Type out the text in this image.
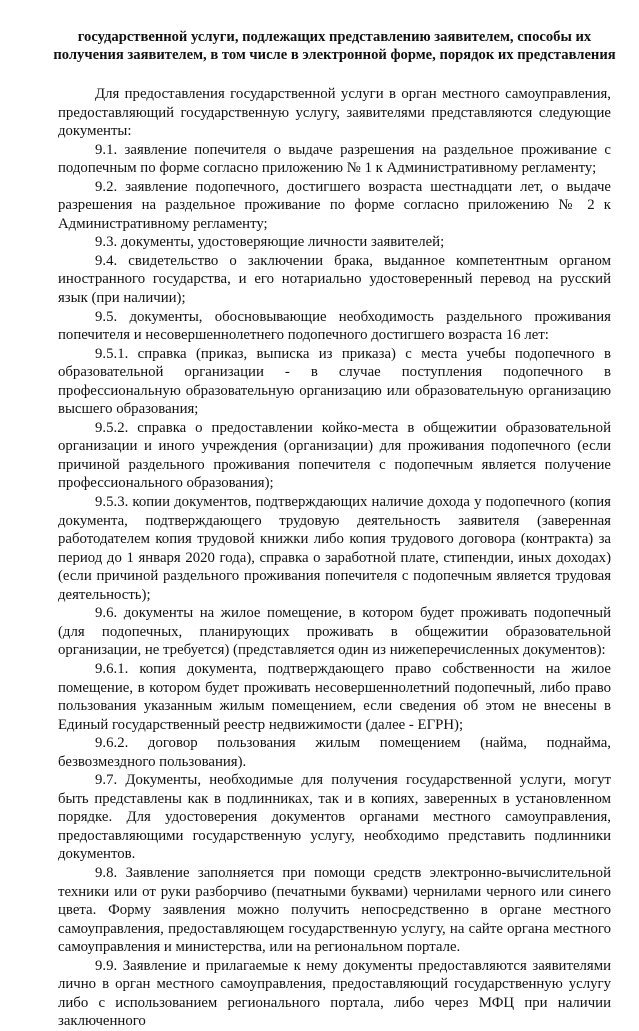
государственной услуги, подлежащих представлению заявителем, способы их
получения заявителем, в том числе в электронной форме, порядок их представления

Для предоставления государственной услуги в орган местного самоуправления, предоставляющий государственную услугу, заявителями представляются следующие документы:

9.1. заявление попечителя о выдаче разрешения на раздельное проживание с подопечным по форме согласно приложению № 1 к Административному регламенту;

9.2. заявление подопечного, достигшего возраста шестнадцати лет, о выдаче разрешения на раздельное проживание по форме согласно приложению № 2 к Административному регламенту;

9.3. документы, удостоверяющие личности заявителей;

9.4. свидетельство о заключении брака, выданное компетентным органом иностранного государства, и его нотариально удостоверенный перевод на русский язык (при наличии);

9.5. документы, обосновывающие необходимость раздельного проживания попечителя и несовершеннолетнего подопечного достигшего возраста 16 лет:

9.5.1. справка (приказ, выписка из приказа) с места учебы подопечного в образовательной организации - в случае поступления подопечного в профессиональную образовательную организацию или образовательную организацию высшего образования;

9.5.2. справка о предоставлении койко-места в общежитии образовательной организации и иного учреждения (организации) для проживания подопечного (если причиной раздельного проживания попечителя с подопечным является получение профессионального образования);

9.5.3. копии документов, подтверждающих наличие дохода у подопечного (копия документа, подтверждающего трудовую деятельность заявителя (заверенная работодателем копия трудовой книжки либо копия трудового договора (контракта) за период до 1 января 2020 года), справка о заработной плате, стипендии, иных доходах) (если причиной раздельного проживания попечителя с подопечным является трудовая деятельность);

9.6. документы на жилое помещение, в котором будет проживать подопечный (для подопечных, планирующих проживать в общежитии образовательной организации, не требуется) (представляется один из нижеперечисленных документов):

9.6.1. копия документа, подтверждающего право собственности на жилое помещение, в котором будет проживать несовершеннолетний подопечный, либо право пользования указанным жилым помещением, если сведения об этом не внесены в Единый государственный реестр недвижимости (далее - ЕГРН);

9.6.2. договор пользования жилым помещением (найма, поднайма, безвозмездного пользования).

9.7. Документы, необходимые для получения государственной услуги, могут быть представлены как в подлинниках, так и в копиях, заверенных в установленном порядке. Для удостоверения документов органами местного самоуправления, предоставляющими государственную услугу, необходимо представить подлинники документов.

9.8. Заявление заполняется при помощи средств электронно-вычислительной техники или от руки разборчиво (печатными буквами) чернилами черного или синего цвета. Форму заявления можно получить непосредственно в органе местного самоуправления, предоставляющем государственную услугу, на сайте органа местного самоуправления и министерства, или на региональном портале.

9.9. Заявление и прилагаемые к нему документы предоставляются заявителями лично в орган местного самоуправления, предоставляющий государственную услугу либо с использованием регионального портала, либо через МФЦ при наличии заключенного
